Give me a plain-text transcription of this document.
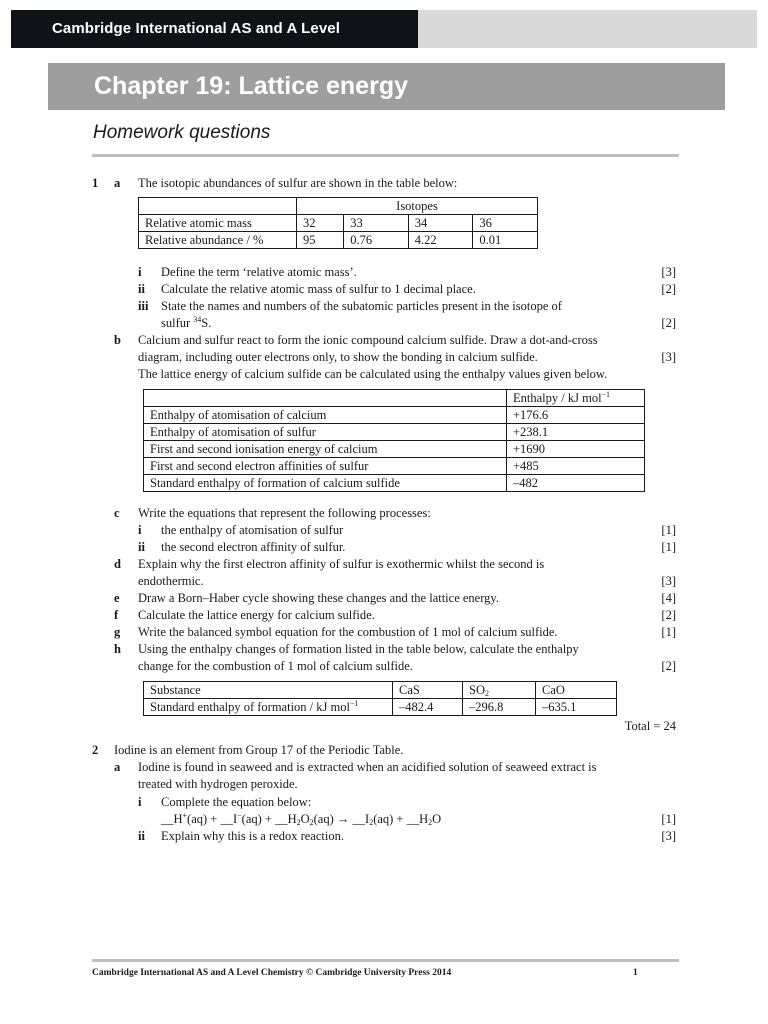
Cambridge International AS and A Level
Chapter 19: Lattice energy
Homework questions
1 a The isotopic abundances of sulfur are shown in the table below:
	Isotopes			
Relative atomic mass	32	33	34	36
Relative abundance / %	95	0.76	4.22	0.01
i Define the term ‘relative atomic mass’.	[3]
ii Calculate the relative atomic mass of sulfur to 1 decimal place.	[2]
iii State the names and numbers of the subatomic particles present in the isotope of
sulfur $^{34}$S.	[2]
b Calcium and sulfur react to form the ionic compound calcium sulfide. Draw a dot-and-cross
diagram, including outer electrons only, to show the bonding in calcium sulfide.	[3]
The lattice energy of calcium sulfide can be calculated using the enthalpy values given below.
	Enthalpy / kJ mol$^{-1}$
Enthalpy of atomisation of calcium	+176.6
Enthalpy of atomisation of sulfur	+238.1
First and second ionisation energy of calcium	+1690
First and second electron affinities of sulfur	+485
Standard enthalpy of formation of calcium sulfide	–482
c Write the equations that represent the following processes:
i the enthalpy of atomisation of sulfur	[1]
ii the second electron affinity of sulfur.	[1]
d Explain why the first electron affinity of sulfur is exothermic whilst the second is
endothermic.	[3]
e Draw a Born–Haber cycle showing these changes and the lattice energy.	[4]
f Calculate the lattice energy for calcium sulfide.	[2]
g Write the balanced symbol equation for the combustion of 1 mol of calcium sulfide.	[1]
h Using the enthalpy changes of formation listed in the table below, calculate the enthalpy
change for the combustion of 1 mol of calcium sulfide.	[2]
Substance	CaS	$SO_2$	CaO
Standard enthalpy of formation / kJ mol$^{-1}$	–482.4	–296.8	–635.1
Total = 24
2 Iodine is an element from Group 17 of the Periodic Table.
a Iodine is found in seaweed and is extracted when an acidified solution of seaweed extract is
treated with hydrogen peroxide.
i Complete the equation below:
__H+(aq) + __I−(aq) + $\_\_H_2O_2(aq)$ → $\_\_I_2(aq)$ + $\_\_H_2O$	[1]
ii Explain why this is a redox reaction.	[3]
Cambridge International AS and A Level Chemistry © Cambridge University Press 2014	1
